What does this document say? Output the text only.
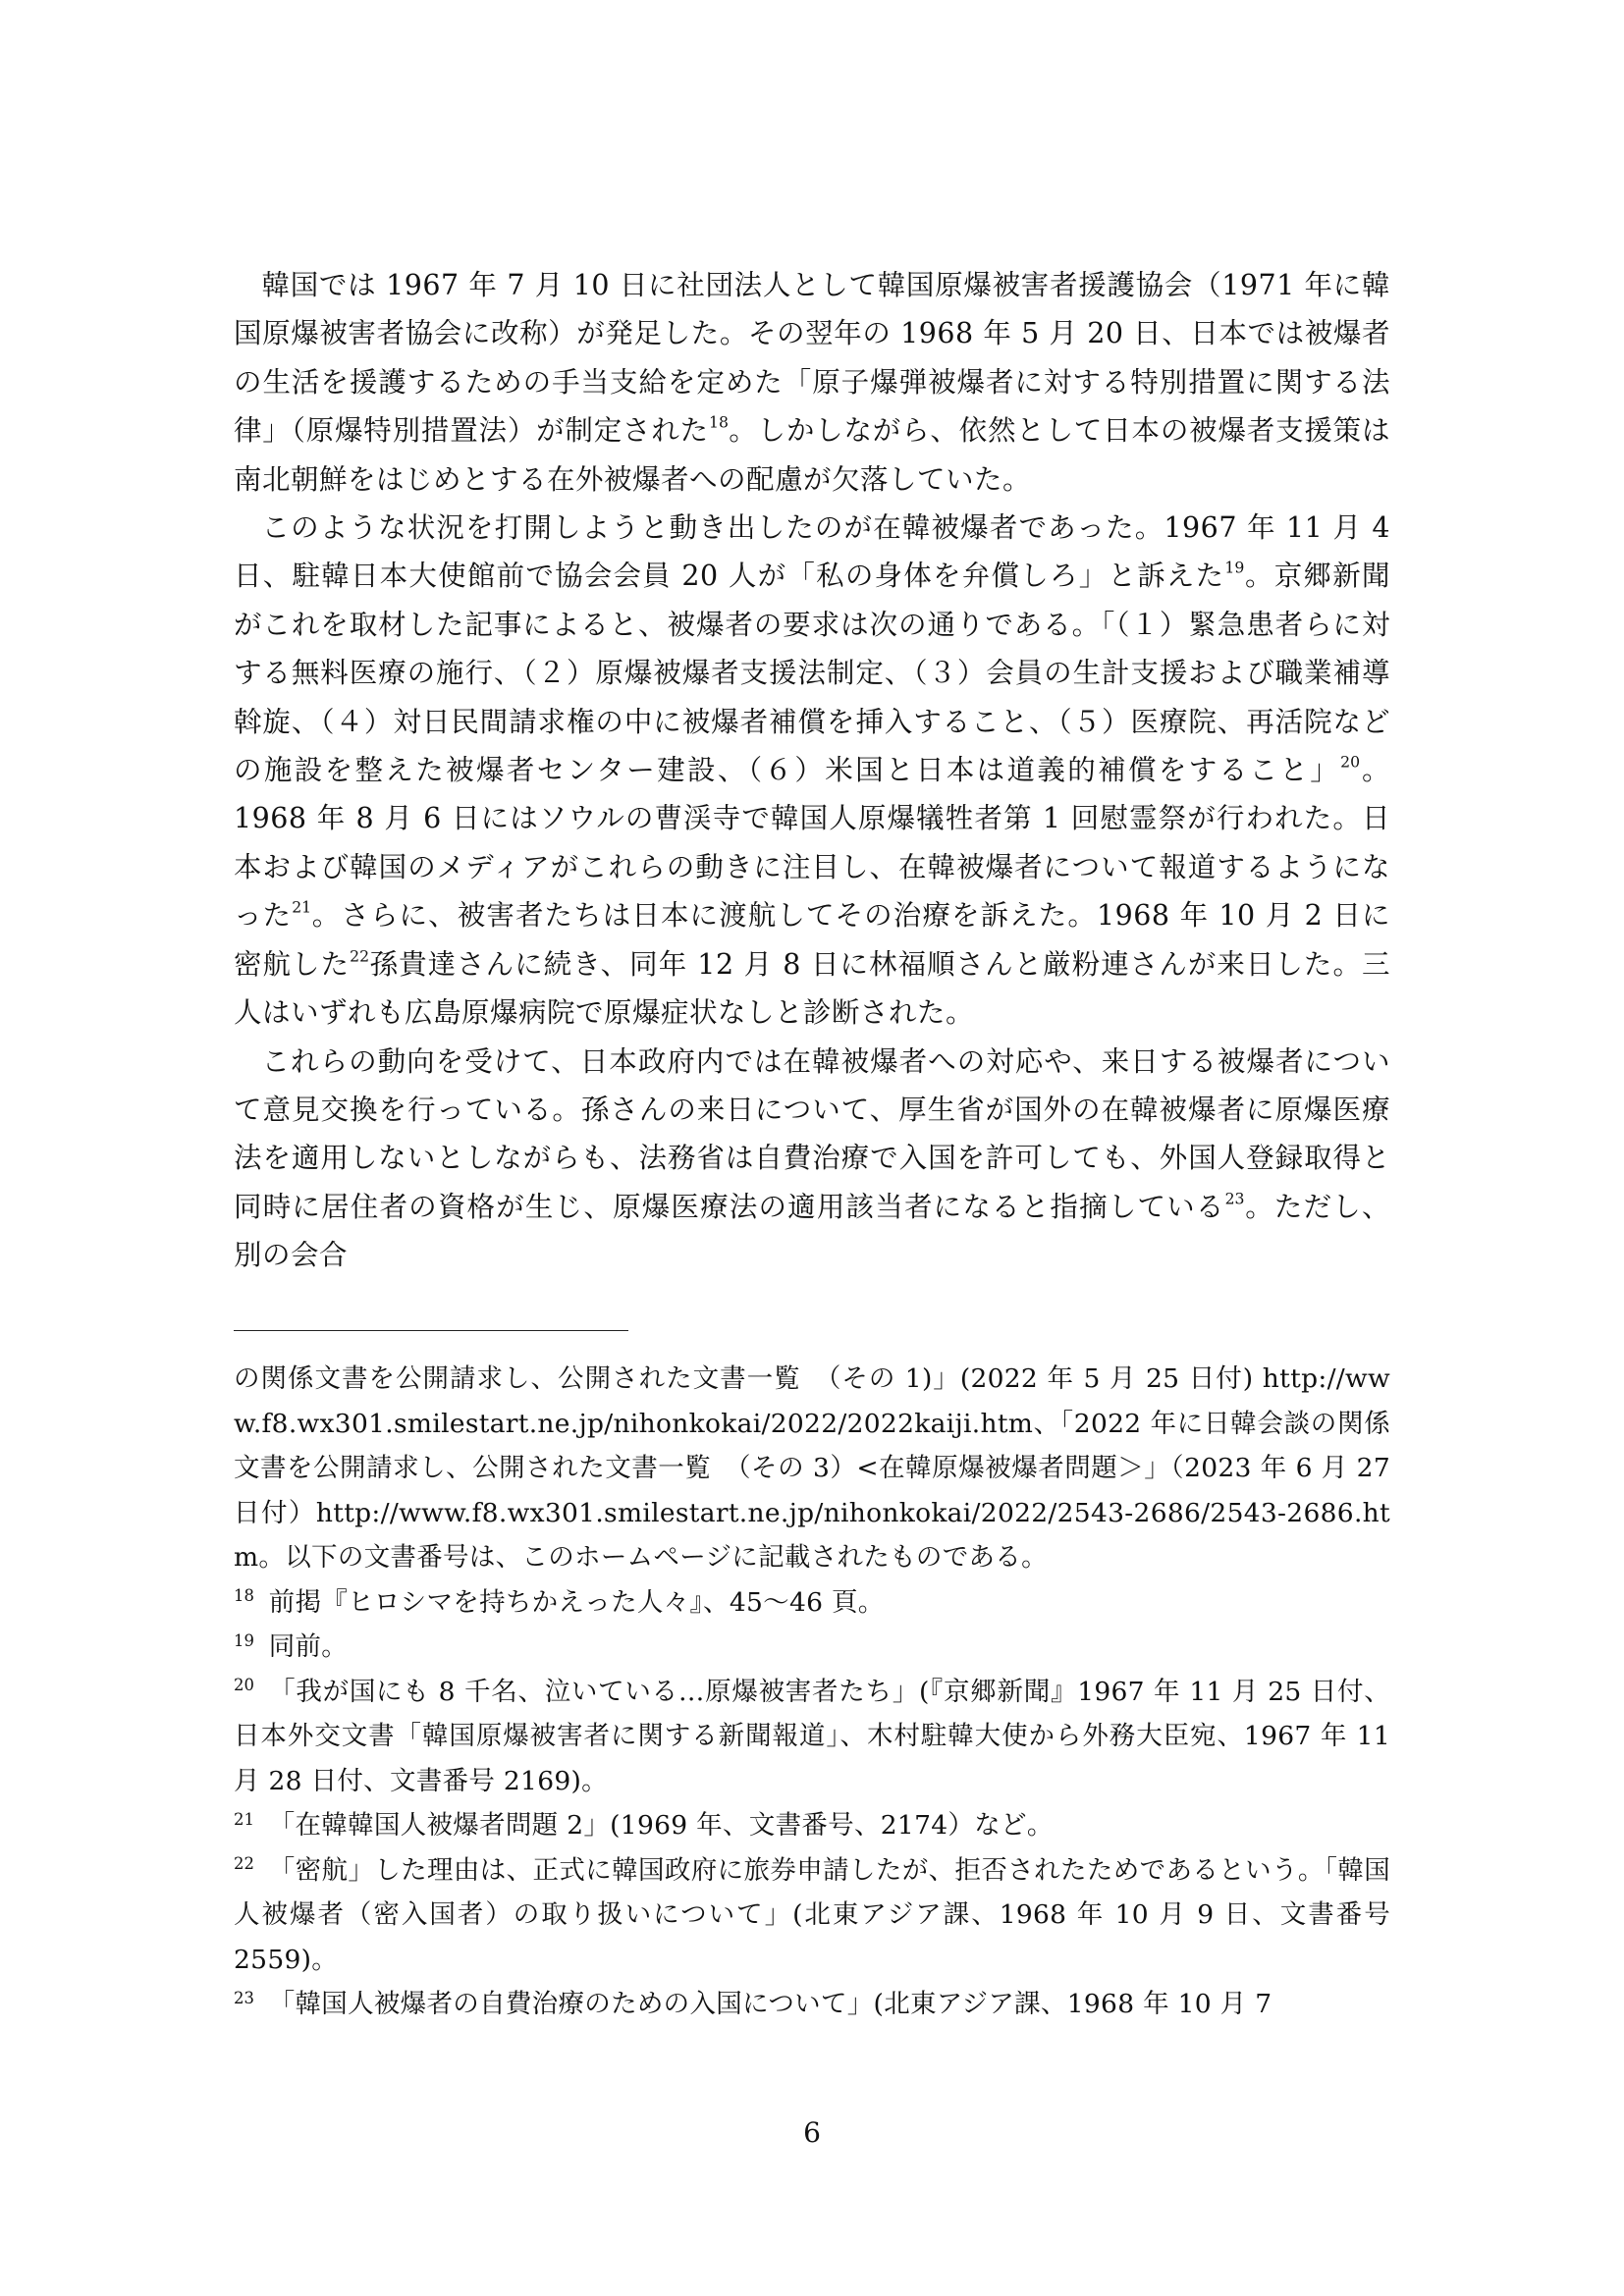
韓国では 1967 年 7 月 10 日に社団法人として韓国原爆被害者援護協会（1971 年に韓国原爆被害者協会に改称）が発足した。その翌年の 1968 年 5 月 20 日、日本では被爆者の生活を援護するための手当支給を定めた「原子爆弾被爆者に対する特別措置に関する法律」（原爆特別措置法）が制定された$^{18}$。しかしながら、依然として日本の被爆者支援策は南北朝鮮をはじめとする在外被爆者への配慮が欠落していた。

このような状況を打開しようと動き出したのが在韓被爆者であった。1967 年 11 月 4 日、駐韓日本大使館前で協会会員 20 人が「私の身体を弁償しろ」と訴えた$^{19}$。京郷新聞がこれを取材した記事によると、被爆者の要求は次の通りである。「（１）緊急患者らに対する無料医療の施行、（２）原爆被爆者支援法制定、（３）会員の生計支援および職業補導斡旋、（４）対日民間請求権の中に被爆者補償を挿入すること、（５）医療院、再活院などの施設を整えた被爆者センター建設、（６）米国と日本は道義的補償をすること」$^{20}$。1968 年 8 月 6 日にはソウルの曹渓寺で韓国人原爆犠牲者第 1 回慰霊祭が行われた。日本および韓国のメディアがこれらの動きに注目し、在韓被爆者について報道するようになった$^{21}$。さらに、被害者たちは日本に渡航してその治療を訴えた。1968 年 10 月 2 日に密航した$^{22}$孫貴達さんに続き、同年 12 月 8 日に林福順さんと厳粉連さんが来日した。三人はいずれも広島原爆病院で原爆症状なしと診断された。

これらの動向を受けて、日本政府内では在韓被爆者への対応や、来日する被爆者について意見交換を行っている。孫さんの来日について、厚生省が国外の在韓被爆者に原爆医療法を適用しないとしながらも、法務省は自費治療で入国を許可しても、外国人登録取得と同時に居住者の資格が生じ、原爆医療法の適用該当者になると指摘している$^{23}$。ただし、別の会合

の関係文書を公開請求し、公開された文書一覧　（その 1)」(2022 年 5 月 25 日付) http://www.f8.wx301.smilestart.ne.jp/nihonkokai/2022/2022kaiji.htm、「2022 年に日韓会談の関係文書を公開請求し、公開された文書一覧　（その 3）<在韓原爆被爆者問題＞」（2023 年 6 月 27 日付）http://www.f8.wx301.smilestart.ne.jp/nihonkokai/2022/2543-2686/2543-2686.htm。以下の文書番号は、このホームページに記載されたものである。

$^{18}$ 前掲『ヒロシマを持ちかえった人々』、45〜46 頁。

$^{19}$ 同前。

$^{20}$ 「我が国にも 8 千名、泣いている…原爆被害者たち」(『京郷新聞』1967 年 11 月 25 日付、日本外交文書「韓国原爆被害者に関する新聞報道」、木村駐韓大使から外務大臣宛、1967 年 11 月 28 日付、文書番号 2169)。

$^{21}$ 「在韓韓国人被爆者問題 2」(1969 年、文書番号、2174）など。

$^{22}$ 「密航」した理由は、正式に韓国政府に旅券申請したが、拒否されたためであるという。「韓国人被爆者（密入国者）の取り扱いについて」(北東アジア課、1968 年 10 月 9 日、文書番号 2559)。

$^{23}$ 「韓国人被爆者の自費治療のための入国について」(北東アジア課、1968 年 10 月 7

6
